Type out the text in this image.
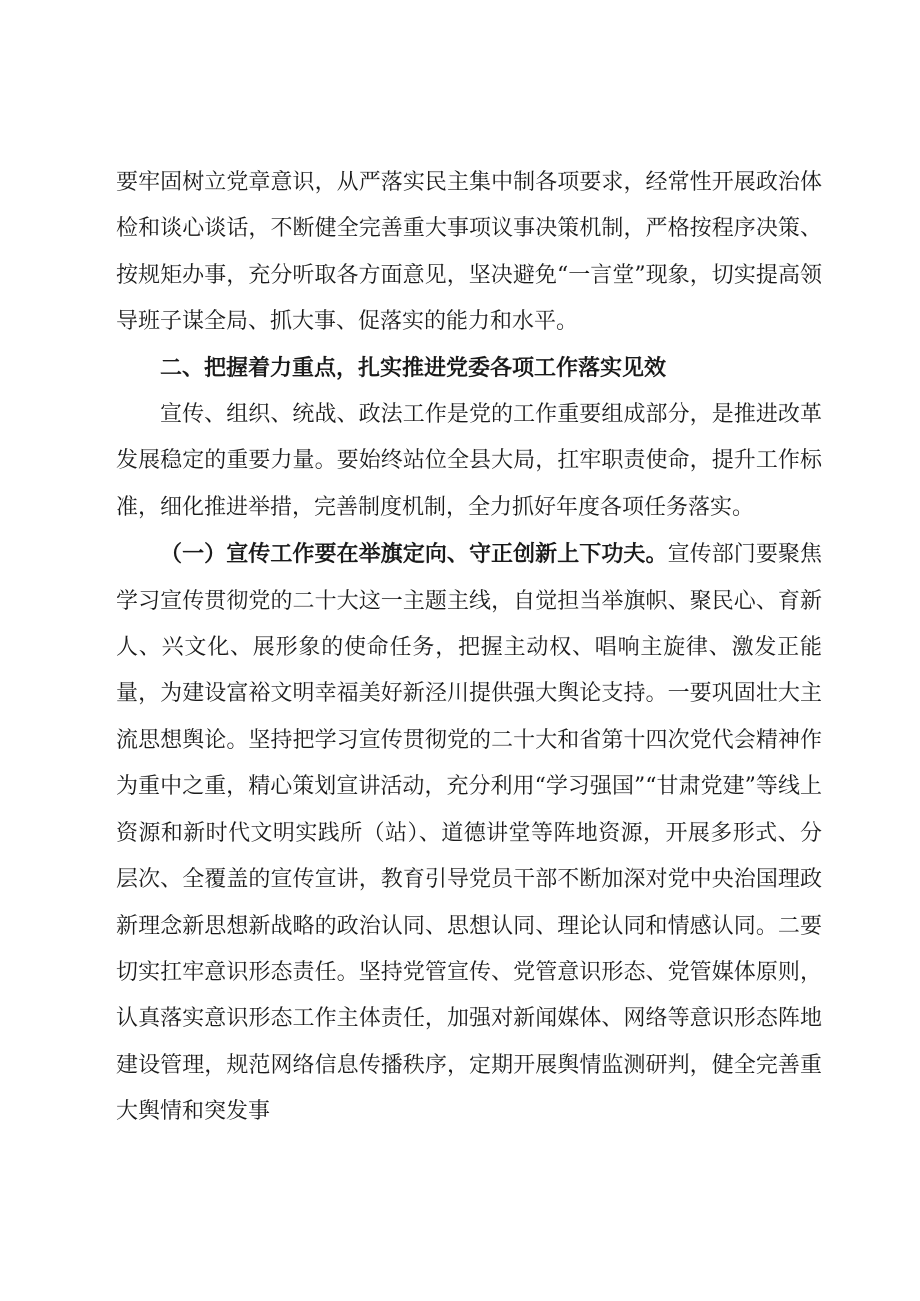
要牢固树立党章意识，从严落实民主集中制各项要求，经常性开展政治体检和谈心谈话，不断健全完善重大事项议事决策机制，严格按程序决策、按规矩办事，充分听取各方面意见，坚决避免“一言堂”现象，切实提高领导班子谋全局、抓大事、促落实的能力和水平。

二、把握着力重点，扎实推进党委各项工作落实见效

宣传、组织、统战、政法工作是党的工作重要组成部分，是推进改革发展稳定的重要力量。要始终站位全县大局，扛牢职责使命，提升工作标准，细化推进举措，完善制度机制，全力抓好年度各项任务落实。

（一）宣传工作要在举旗定向、守正创新上下功夫。宣传部门要聚焦学习宣传贯彻党的二十大这一主题主线，自觉担当举旗帜、聚民心、育新人、兴文化、展形象的使命任务，把握主动权、唱响主旋律、激发正能量，为建设富裕文明幸福美好新泾川提供强大舆论支持。一要巩固壮大主流思想舆论。坚持把学习宣传贯彻党的二十大和省第十四次党代会精神作为重中之重，精心策划宣讲活动，充分利用“学习强国”“甘肃党建”等线上资源和新时代文明实践所（站）、道德讲堂等阵地资源，开展多形式、分层次、全覆盖的宣传宣讲，教育引导党员干部不断加深对党中央治国理政新理念新思想新战略的政治认同、思想认同、理论认同和情感认同。二要切实扛牢意识形态责任。坚持党管宣传、党管意识形态、党管媒体原则，认真落实意识形态工作主体责任，加强对新闻媒体、网络等意识形态阵地建设管理，规范网络信息传播秩序，定期开展舆情监测研判，健全完善重大舆情和突发事
